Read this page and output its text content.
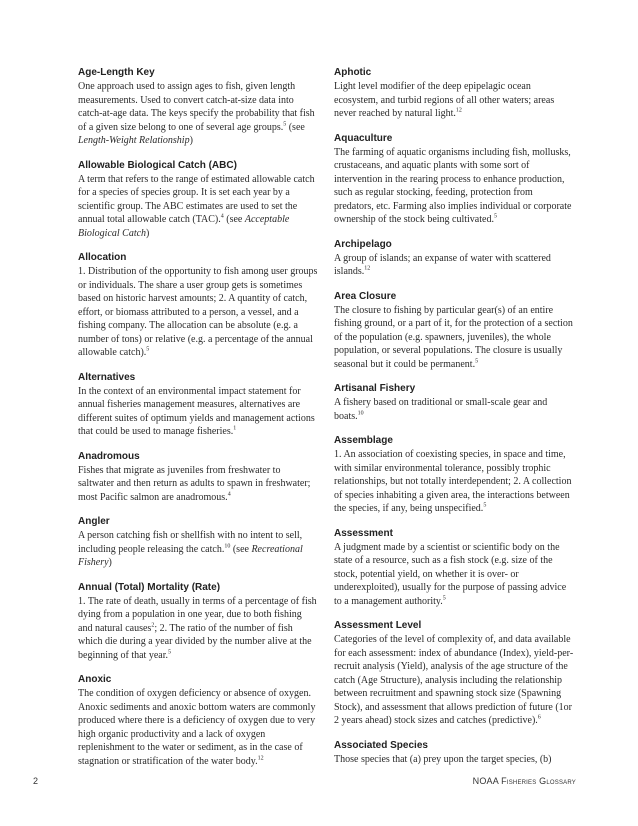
Age-Length Key

One approach used to assign ages to fish, given length measurements. Used to convert catch-at-size data into catch-at-age data. The keys specify the probability that fish of a given size belong to one of several age groups.$^5$ (see Length-Weight Relationship)

Allowable Biological Catch (ABC)

A term that refers to the range of estimated allowable catch for a species of species group. It is set each year by a scientific group. The ABC estimates are used to set the annual total allowable catch (TAC).$^4$ (see Acceptable Biological Catch)

Allocation

1. Distribution of the opportunity to fish among user groups or individuals. The share a user group gets is sometimes based on historic harvest amounts; 2. A quantity of catch, effort, or biomass attributed to a person, a vessel, and a fishing company. The allocation can be absolute (e.g. a number of tons) or relative (e.g. a percentage of the annual allowable catch).$^5$

Alternatives

In the context of an environmental impact statement for annual fisheries management measures, alternatives are different suites of optimum yields and management actions that could be used to manage fisheries.$^1$

Anadromous

Fishes that migrate as juveniles from freshwater to saltwater and then return as adults to spawn in freshwater; most Pacific salmon are anadromous.$^4$

Angler

A person catching fish or shellfish with no intent to sell, including people releasing the catch.$^{10}$ (see Recreational Fishery)

Annual (Total) Mortality (Rate)

1. The rate of death, usually in terms of a percentage of fish dying from a population in one year, due to both fishing and natural causes$^2$; 2. The ratio of the number of fish which die during a year divided by the number alive at the beginning of that year.$^5$

Anoxic

The condition of oxygen deficiency or absence of oxygen. Anoxic sediments and anoxic bottom waters are commonly produced where there is a deficiency of oxygen due to very high organic productivity and a lack of oxygen replenishment to the water or sediment, as in the case of stagnation or stratification of the water body.$^{12}$

Aphotic

Light level modifier of the deep epipelagic ocean ecosystem, and turbid regions of all other waters; areas never reached by natural light.$^{12}$

Aquaculture

The farming of aquatic organisms including fish, mollusks, crustaceans, and aquatic plants with some sort of intervention in the rearing process to enhance production, such as regular stocking, feeding, protection from predators, etc. Farming also implies individual or corporate ownership of the stock being cultivated.$^5$

Archipelago

A group of islands; an expanse of water with scattered islands.$^{12}$

Area Closure

The closure to fishing by particular gear(s) of an entire fishing ground, or a part of it, for the protection of a section of the population (e.g. spawners, juveniles), the whole population, or several populations. The closure is usually seasonal but it could be permanent.$^5$

Artisanal Fishery

A fishery based on traditional or small-scale gear and boats.$^{10}$

Assemblage

1. An association of coexisting species, in space and time, with similar environmental tolerance, possibly trophic relationships, but not totally interdependent; 2. A collection of species inhabiting a given area, the interactions between the species, if any, being unspecified.$^5$

Assessment

A judgment made by a scientist or scientific body on the state of a resource, such as a fish stock (e.g. size of the stock, potential yield, on whether it is over- or underexploited), usually for the purpose of passing advice to a management authority.$^5$

Assessment Level

Categories of the level of complexity of, and data available for each assessment: index of abundance (Index), yield-per-recruit analysis (Yield), analysis of the age structure of the catch (Age Structure), analysis including the relationship between recruitment and spawning stock size (Spawning Stock), and assessment that allows prediction of future (1or 2 years ahead) stock sizes and catches (predictive).$^6$

Associated Species

Those species that (a) prey upon the target species, (b)

2	NOAA Fisheries Glossary
